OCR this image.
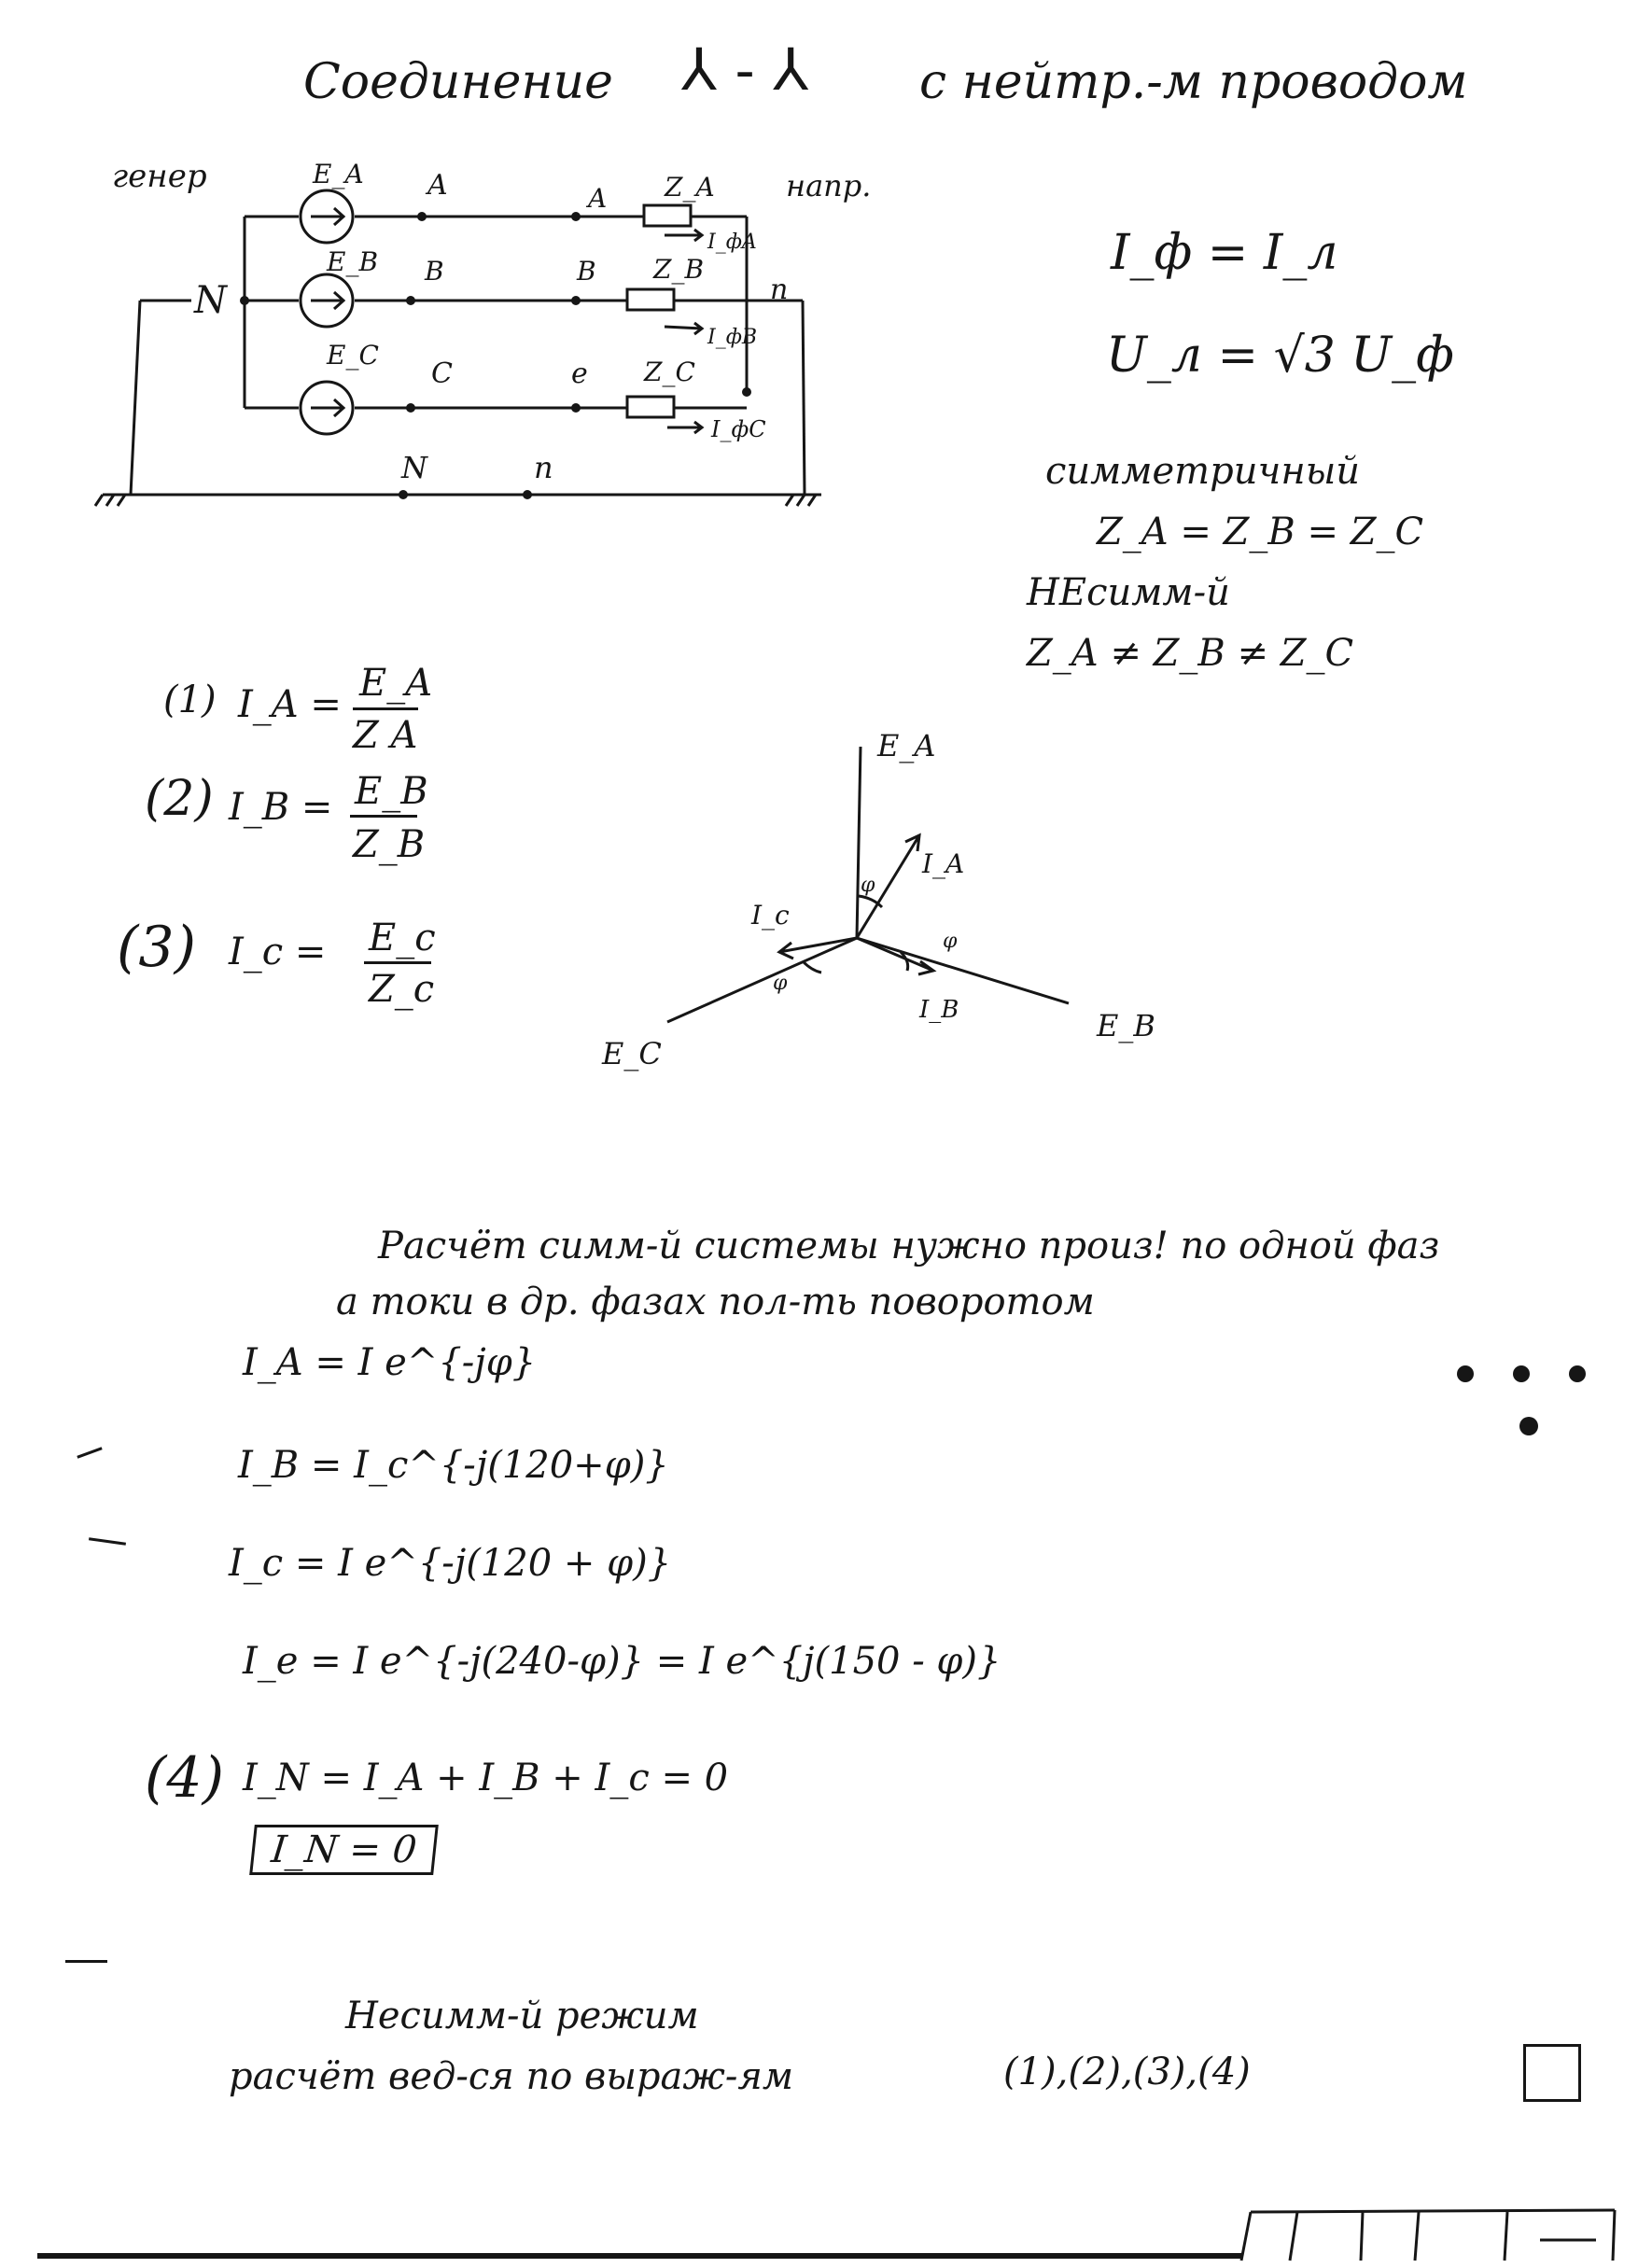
Соединение ⅄ - ⅄ с нейтр.-м проводом
генер	напр.
N
N	n
n
E_A
E_B
E_C
A
B
C
A
B
e
Z_A
Z_B
Z_C
I_фA
I_фB
I_фC
I_ф = I_л
U_л = √3 U_ф
симметричный
Z_A = Z_B = Z_C
НЕсимм-й
Z_A ≠ Z_B ≠ Z_C
(1) I_A = E_A
Z A
(2) I_B = E_B
Z_B
(3) I_c = E_c
Z_c
E_A
E_B
E_C
I_A
I_B
I_c
φ
φ
φ
Расчёт симм-й системы нужно произ! по одной фаз
а токи в др. фазах пол-ть поворотом
I_A = I e^{-jφ}
I_B = I_c^{-j(120+φ)}
I_c = I e^{-j(120 + φ)}
I_e = I e^{-j(240-φ)} = I e^{j(150 - φ)}
(4) I_N = I_A + I_B + I_c = 0
I_N = 0
Несимм-й режим
расчёт вед-ся по выраж-ям	(1),(2),(3),(4)
